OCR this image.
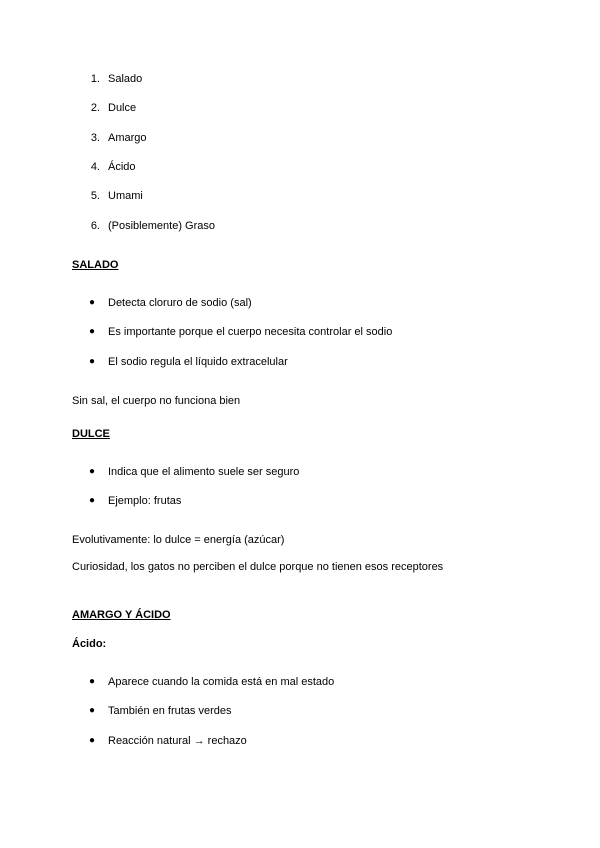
1. Salado
2. Dulce
3. Amargo
4. Ácido
5. Umami
6. (Posiblemente) Graso
SALADO
● Detecta cloruro de sodio (sal)
● Es importante porque el cuerpo necesita controlar el sodio
● El sodio regula el líquido extracelular
Sin sal, el cuerpo no funciona bien
DULCE
● Indica que el alimento suele ser seguro
● Ejemplo: frutas
Evolutivamente: lo dulce = energía (azúcar)
Curiosidad, los gatos no perciben el dulce porque no tienen esos receptores
AMARGO Y ÁCIDO
Ácido:
● Aparece cuando la comida está en mal estado
● También en frutas verdes
● Reacción natural → rechazo
